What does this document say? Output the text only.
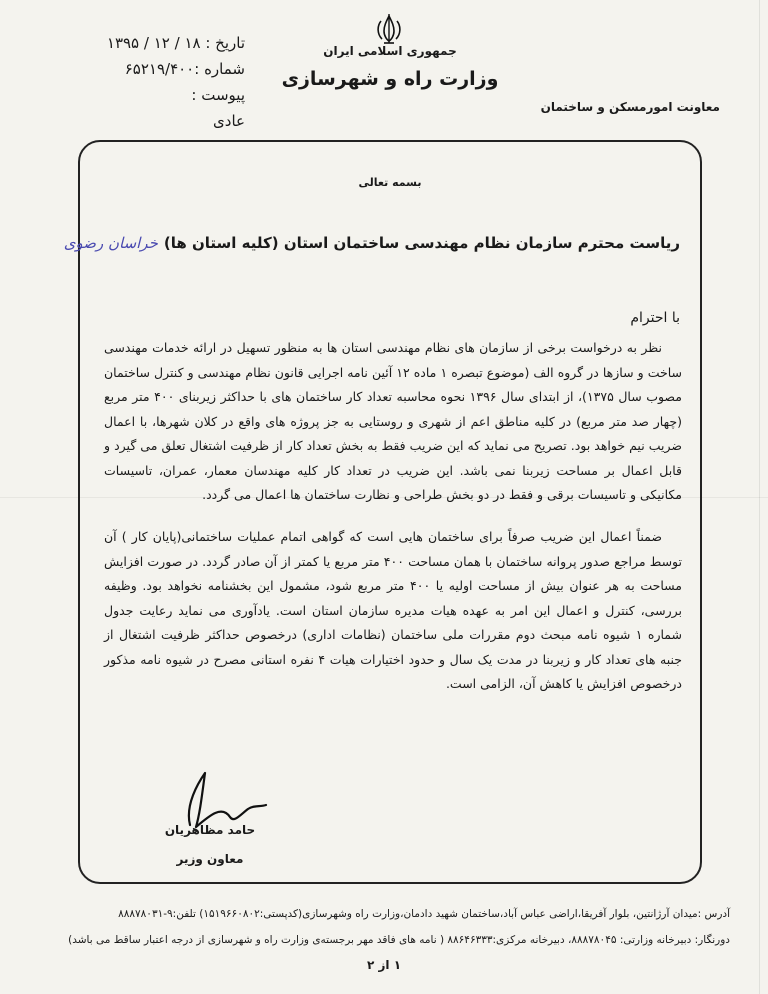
تاریخ : ۱۸ / ۱۲ / ۱۳۹۵
شماره :۶۵۲۱۹/۴۰۰
پیوست :
عادی
جمهوری اسلامی ایران
وزارت راه و شهرسازی
معاونت امورمسکن و ساختمان
بسمه تعالی
ریاست محترم سازمان نظام مهندسی ساختمان استان (کلیه استان ها)خراسان رضوی
با احترام
نظر به درخواست برخی از سازمان های نظام مهندسی استان ها به منظور تسهیل در ارائه خدمات مهندسی ساخت و سازها در گروه الف (موضوع تبصره ۱ ماده ۱۲ آئین نامه اجرایی قانون نظام مهندسی و کنترل ساختمان مصوب سال ۱۳۷۵)، از ابتدای سال ۱۳۹۶ نحوه محاسبه تعداد کار ساختمان های با حداکثر زیربنای ۴۰۰ متر مربع (چهار صد متر مربع) در کلیه مناطق اعم از شهری و روستایی به جز پروژه های واقع در کلان شهرها، با اعمال ضریب نیم خواهد بود. تصریح می نماید که این ضریب فقط به بخش تعداد کار از ظرفیت اشتغال تعلق می گیرد و قابل اعمال بر مساحت زیربنا نمی باشد. این ضریب در تعداد کار کلیه مهندسان معمار، عمران، تاسیسات مکانیکی و تاسیسات برقی و فقط در دو بخش طراحی و نظارت ساختمان ها اعمال می گردد.
ضمناً اعمال این ضریب صرفاً برای ساختمان هایی است که گواهی اتمام عملیات ساختمانی(پایان کار ) آن توسط مراجع صدور پروانه ساختمان با همان مساحت ۴۰۰ متر مربع یا کمتر از آن صادر گردد. در صورت افزایش مساحت به هر عنوان بیش از مساحت اولیه یا ۴۰۰ متر مربع شود، مشمول این بخشنامه نخواهد بود. وظیفه بررسی، کنترل و اعمال این امر به عهده هیات مدیره سازمان استان است. یادآوری می نماید رعایت جدول شماره ۱ شیوه نامه مبحث دوم مقررات ملی ساختمان (نظامات اداری) درخصوص حداکثر ظرفیت اشتغال از جنبه های تعداد کار و زیربنا در مدت یک سال و حدود اختیارات هیات ۴ نفره استانی مصرح در شیوه نامه مذکور درخصوص افزایش یا کاهش آن، الزامی است.
حامد مظاهریان
معاون وزیر
آدرس :میدان آرژانتین، بلوار آفریقا،اراضی عباس آباد،ساختمان شهید دادمان،وزارت راه وشهرسازی(کدپستی:۱۵۱۹۶۶۰۸۰۲) تلفن:۹-۸۸۸۷۸۰۳۱
دورنگار: دبیرخانه وزارتی: ۸۸۸۷۸۰۴۵، دبیرخانه مرکزی:۸۸۶۴۶۳۳۳ ( نامه های فاقد مهر برجسته‌ی وزارت راه و شهرسازی از درجه اعتبار ساقط می باشد)
۱ از ۲
